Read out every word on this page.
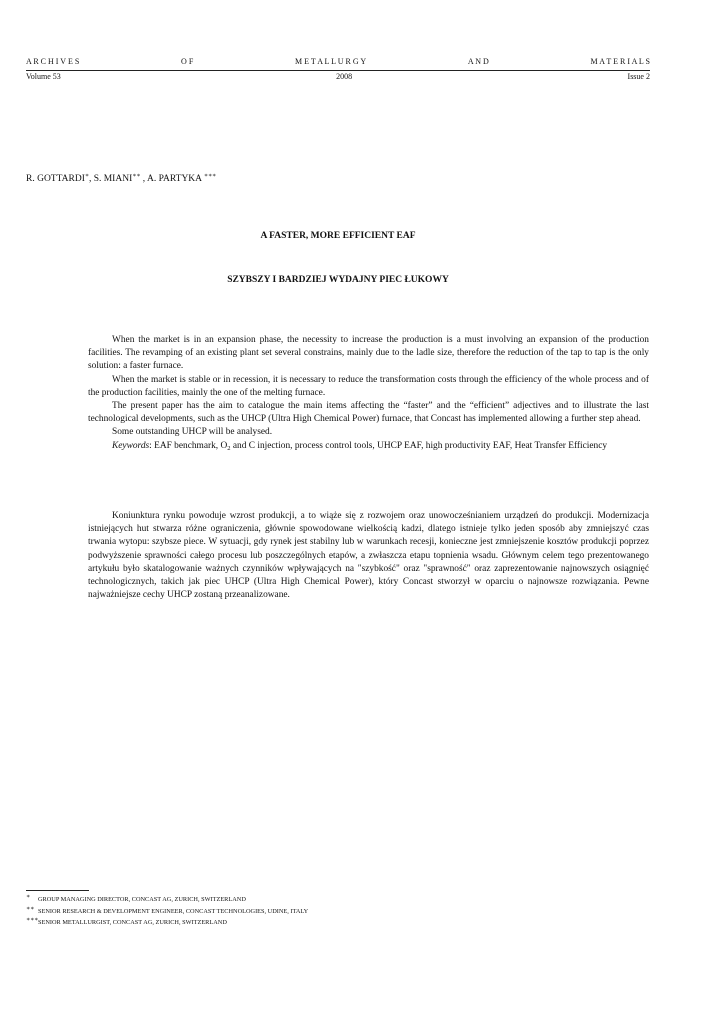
A R C H I V E S	O F	M E T A L L U R G Y	A N D	M A T E R I A L S
Volume 53	2008	Issue 2
R. GOTTARDI∗, S. MIANI∗∗ , A. PARTYKA ∗∗∗
A FASTER, MORE EFFICIENT EAF
SZYBSZY I BARDZIEJ WYDAJNY PIEC ŁUKOWY

When the market is in an expansion phase, the necessity to increase the production is a must involving an expansion of the production facilities. The revamping of an existing plant set several constrains, mainly due to the ladle size, therefore the reduction of the tap to tap is the only solution: a faster furnace.

When the market is stable or in recession, it is necessary to reduce the transformation costs through the efficiency of the whole process and of the production facilities, mainly the one of the melting furnace.

The present paper has the aim to catalogue the main items affecting the “faster” and the “efficient” adjectives and to illustrate the last technological developments, such as the UHCP (Ultra High Chemical Power) furnace, that Concast has implemented allowing a further step ahead.

Some outstanding UHCP will be analysed.

Keywords: EAF benchmark, $O_2$ and C injection, process control tools, UHCP EAF, high productivity EAF, Heat Transfer Efficiency

Koniunktura rynku powoduje wzrost produkcji, a to wiąże się z rozwojem oraz unowocześnianiem urządzeń do produkcji. Modernizacja istniejących hut stwarza różne ograniczenia, głównie spowodowane wielkością kadzi, dlatego istnieje tylko jeden sposób aby zmniejszyć czas trwania wytopu: szybsze piece. W sytuacji, gdy rynek jest stabilny lub w warunkach recesji, konieczne jest zmniejszenie kosztów produkcji poprzez podwyższenie sprawności całego procesu lub poszczególnych etapów, a zwłaszcza etapu topnienia wsadu. Głównym celem tego prezentowanego artykułu było skatalogowanie ważnych czynników wpływających na "szybkość" oraz "sprawność" oraz zaprezentowanie najnowszych osiągnięć technologicznych, takich jak piec UHCP (Ultra High Chemical Power), który Concast stworzył w oparciu o najnowsze rozwiązania. Pewne najważniejsze cechy UHCP zostaną przeanalizowane.

∗	GROUP MANAGING DIRECTOR, CONCAST AG, ZURICH, SWITZERLAND
∗∗ SENIOR RESEARCH & DEVELOPMENT ENGINEER, CONCAST TECHNOLOGIES, UDINE, ITALY
∗∗∗ SENIOR METALLURGIST, CONCAST AG, ZURICH, SWITZERLAND
